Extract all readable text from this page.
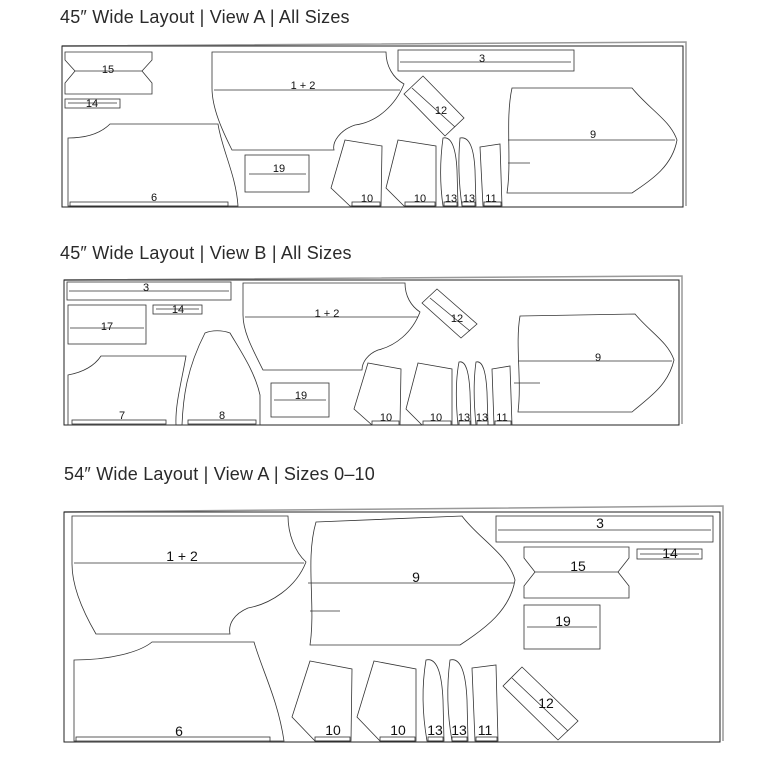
45″ Wide Layout | View A | All Sizes
45″ Wide Layout | View B | All Sizes
54″ Wide Layout | View A | Sizes 0–10
15
14
6
1 + 2
19
3
12
9
10	10 13 13 11
3
14
17
7	8
1 + 2
19
12
9
10	10 13 13 11
1 + 2
6
9
3
15
14
19
12
10	10 13 13 11
